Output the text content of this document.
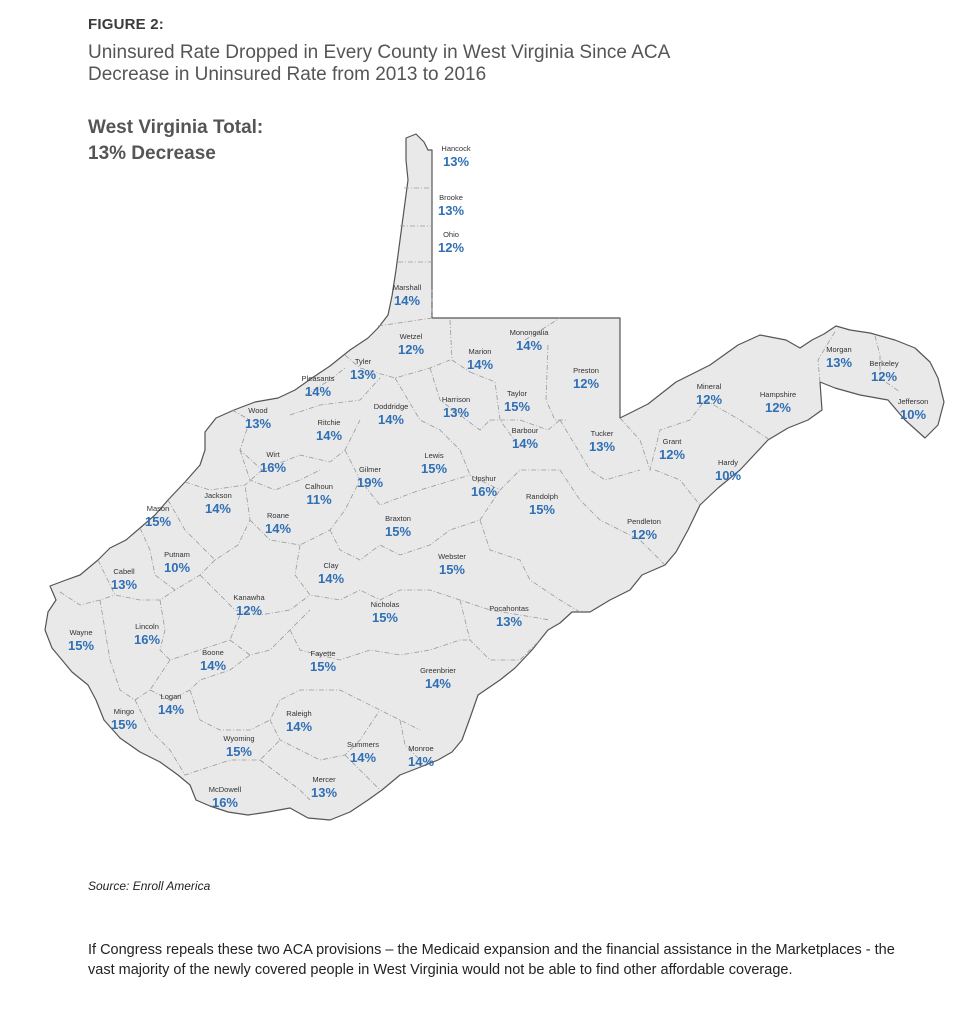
FIGURE 2:
Uninsured Rate Dropped in Every County in West Virginia Since ACA
Decrease in Uninsured Rate from 2013 to 2016
West Virginia Total:
13% Decrease	Hancock
13%
Brooke
13%
Ohio
12%
Marshall
14%
Wetzel
12%
Monongalia
14%
Marion
14%	Preston
12%
Tyler
13%
Pleasants
14%
Wood
13%	Ritchie
14%
Doddridge
14%
Harrison
13%
Taylor
15%
Barbour
14%
Tucker
13%
Mineral
12%	Hampshire
12%
Morgan
13% Berkeley
12%
Jefferson
10%
Grant
12%
Hardy
10%
Wirt
16%
Calhoun
11%
Gilmer
19%
Lewis
15%
Upshur
16%	Randolph
15%
Pendleton
12%
Jackson
14%
Mason
15%	Roane
14%
Braxton
15%
Putnam
10%
Cabell
13%
Clay
14%
Webster
15%
Kanawha
12%	Nicholas
15%
Pocahontas
13%
Wayne
15%
Lincoln
16%
Boone
14%
Fayette
15%	Greenbrier
14%
Logan
14%
Mingo
15%
Raleigh
14%
Wyoming
15%	Summers
14%
Monroe
14%
McDowell
16%
Mercer
13%
Source: Enroll America
If Congress repeals these two ACA provisions – the Medicaid expansion and the financial assistance in the Marketplaces - the vast majority of the newly covered people in West Virginia would not be able to find other affordable coverage.
